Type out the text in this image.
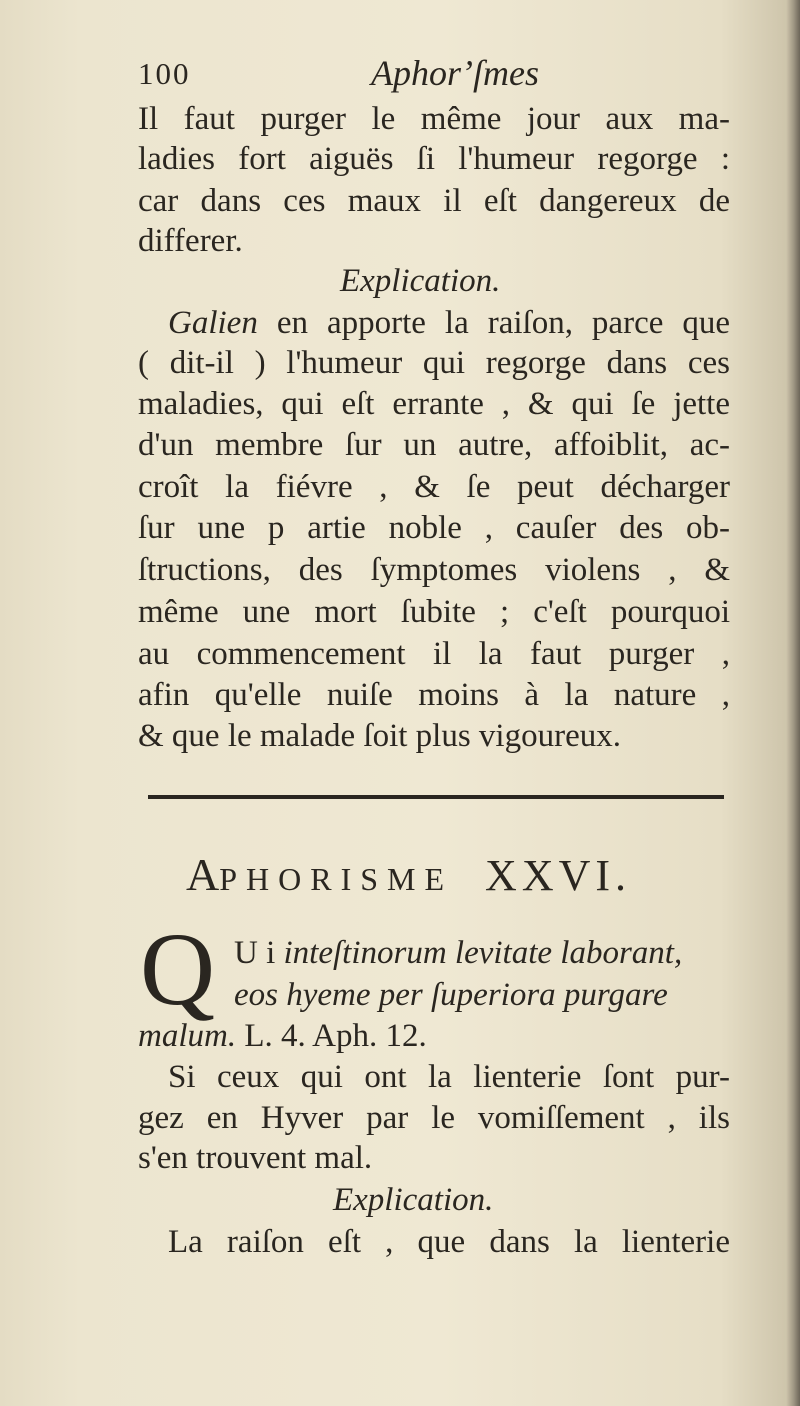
100	Aphorʼſmes
Il faut purger le même jour aux ma-
ladies fort aiguës ſi l'humeur regorge :
car dans ces maux il eſt dangereux de
differer.
Explication.
Galien en apporte la raiſon, parce que
( dit-il ) l'humeur qui regorge dans ces
maladies, qui eſt errante , & qui ſe jette
d'un membre ſur un autre, affoiblit, ac-
croît la fiévre , & ſe peut décharger
ſur une p artie noble , cauſer des ob-
ſtructions, des ſymptomes violens , &
même une mort ſubite ; c'eſt pourquoi
au commencement il la faut purger ,
afin qu'elle nuiſe moins à la nature ,
& que le malade ſoit plus vigoureux.
APHORISME  XXVI.
Q U i inteſtinorum levitate laborant,
eos hyeme per ſuperiora purgare
malum. L. 4. Aph. 12.
Si ceux qui ont la lienterie ſont pur-
gez en Hyver par le vomiſſement , ils
s'en trouvent mal.
Explication.
La raiſon eſt , que dans la lienterie
